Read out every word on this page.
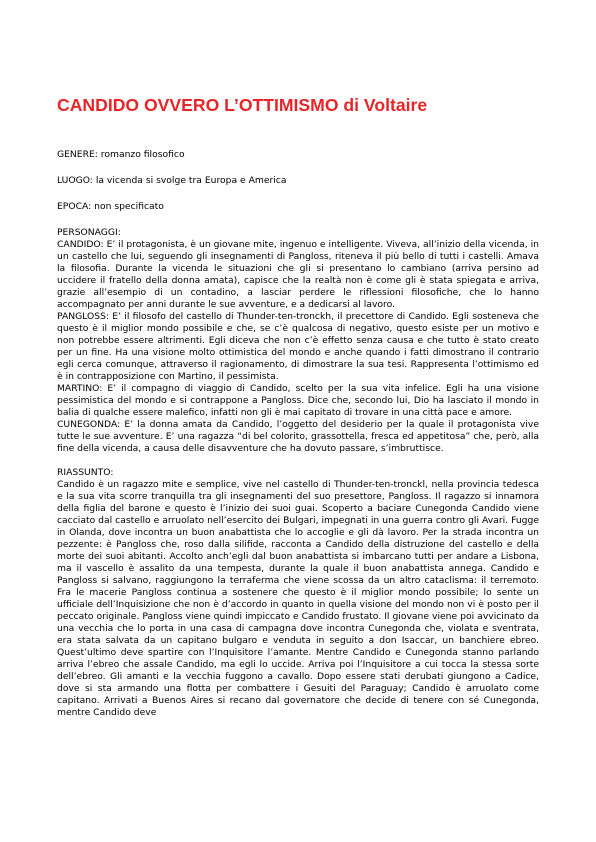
CANDIDO OVVERO L’OTTIMISMO di Voltaire

GENERE: romanzo filosofico

LUOGO: la vicenda si svolge tra Europa e America

EPOCA: non specificato

PERSONAGGI:

CANDIDO: E’ il protagonista, è un giovane mite, ingenuo e intelligente. Viveva, all’inizio della vicenda, in un castello che lui, seguendo gli insegnamenti di Pangloss, riteneva il più bello di tutti i castelli. Amava la filosofia. Durante la vicenda le situazioni che gli si presentano lo cambiano (arriva persino ad uccidere il fratello della donna amata), capisce che la realtà non è come gli è stata spiegata e arriva, grazie all’esempio di un contadino, a lasciar perdere le riflessioni filosofiche, che lo hanno accompagnato per anni durante le sue avventure, e a dedicarsi al lavoro.

PANGLOSS: E’ il filosofo del castello di Thunder-ten-tronckh, il precettore di Candido. Egli sosteneva che questo è il miglior mondo possibile e che, se c’è qualcosa di negativo, questo esiste per un motivo e non potrebbe essere altrimenti. Egli diceva che non c’è effetto senza causa e che tutto è stato creato per un fine. Ha una visione molto ottimistica del mondo e anche quando i fatti dimostrano il contrario egli cerca comunque, attraverso il ragionamento, di dimostrare la sua tesi. Rappresenta l’ottimismo ed è in contrapposizione con Martino, il pessimista.

MARTINO: E’ il compagno di viaggio di Candido, scelto per la sua vita infelice. Egli ha una visione pessimistica del mondo e si contrappone a Pangloss. Dice che, secondo lui, Dio ha lasciato il mondo in balia di qualche essere malefico, infatti non gli è mai capitato di trovare in una città pace e amore.

CUNEGONDA: E’ la donna amata da Candido, l’oggetto del desiderio per la quale il protagonista vive tutte le sue avventure. E’ una ragazza “di bel colorito, grassottella, fresca ed appetitosa” che, però, alla fine della vicenda, a causa delle disavventure che ha dovuto passare, s’imbruttisce.

RIASSUNTO:

Candido è un ragazzo mite e semplice, vive nel castello di Thunder-ten-tronckl, nella provincia tedesca e la sua vita scorre tranquilla tra gli insegnamenti del suo presettore, Pangloss. Il ragazzo si innamora della figlia del barone e questo è l’inizio dei suoi guai. Scoperto a baciare Cunegonda Candido viene cacciato dal castello e arruolato nell’esercito dei Bulgari, impegnati in una guerra contro gli Avari. Fugge in Olanda, dove incontra un buon anabattista che lo accoglie e gli dà lavoro. Per la strada incontra un pezzente: è Pangloss che, roso dalla silifide, racconta a Candido della distruzione del castello e della morte dei suoi abitanti. Accolto anch’egli dal buon anabattista si imbarcano tutti per andare a Lisbona, ma il vascello è assalito da una tempesta, durante la quale il buon anabattista annega. Candido e Pangloss si salvano, raggiungono la terraferma che viene scossa da un altro cataclisma: il terremoto. Fra le macerie Pangloss continua a sostenere che questo è il miglior mondo possibile; lo sente un ufficiale dell’Inquisizione che non è d’accordo in quanto in quella visione del mondo non vi è posto per il peccato originale. Pangloss viene quindi impiccato e Candido frustato. Il giovane viene poi avvicinato da una vecchia che lo porta in una casa di campagna dove incontra Cunegonda che, violata e sventrata, era stata salvata da un capitano bulgaro e venduta in seguito a don Isaccar, un banchiere ebreo. Quest’ultimo deve spartire con l’Inquisitore l’amante. Mentre Candido e Cunegonda stanno parlando arriva l’ebreo che assale Candido, ma egli lo uccide. Arriva poi l’Inquisitore a cui tocca la stessa sorte dell’ebreo. Gli amanti e la vecchia fuggono a cavallo. Dopo essere stati derubati giungono a Cadice, dove si sta armando una flotta per combattere i Gesuiti del Paraguay; Candido è arruolato come capitano. Arrivati a Buenos Aires si recano dal governatore che decide di tenere con sé Cunegonda, mentre Candido deve
